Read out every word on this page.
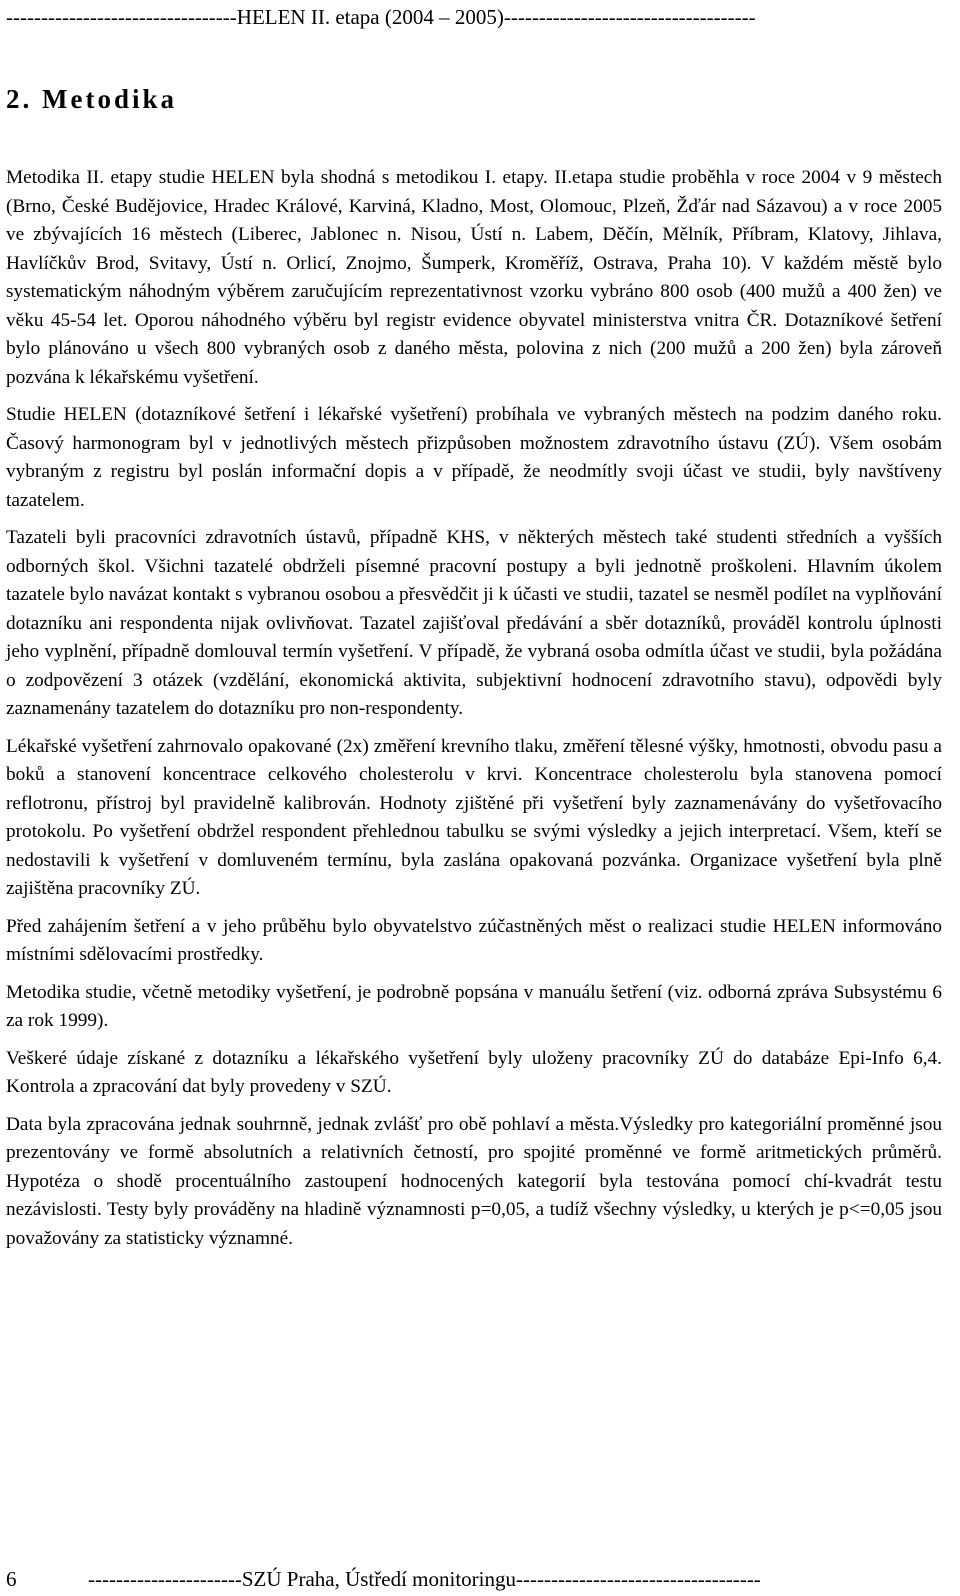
---------------------------------HELEN II. etapa (2004 – 2005)------------------------------------
2. Metodika

Metodika II. etapy studie HELEN byla shodná s metodikou I. etapy. II.etapa studie proběhla v roce 2004 v 9 městech (Brno, České Budějovice, Hradec Králové, Karviná, Kladno, Most, Olomouc, Plzeň, Žďár nad Sázavou) a v roce 2005 ve zbývajících 16 městech (Liberec, Jablonec n. Nisou, Ústí n. Labem, Děčín, Mělník, Příbram, Klatovy, Jihlava, Havlíčkův Brod, Svitavy, Ústí n. Orlicí, Znojmo, Šumperk, Kroměříž, Ostrava, Praha 10). V každém městě bylo systematickým náhodným výběrem zaručujícím reprezentativnost vzorku vybráno 800 osob (400 mužů a 400 žen) ve věku 45-54 let. Oporou náhodného výběru byl registr evidence obyvatel ministerstva vnitra ČR. Dotazníkové šetření bylo plánováno u všech 800 vybraných osob z daného města, polovina z nich (200 mužů a 200 žen) byla zároveň pozvána k lékařskému vyšetření.

Studie HELEN (dotazníkové šetření i lékařské vyšetření) probíhala ve vybraných městech na podzim daného roku. Časový harmonogram byl v jednotlivých městech přizpůsoben možnostem zdravotního ústavu (ZÚ). Všem osobám vybraným z registru byl poslán informační dopis a v případě, že neodmítly svoji účast ve studii, byly navštíveny tazatelem.

Tazateli byli pracovníci zdravotních ústavů, případně KHS, v některých městech také studenti středních a vyšších odborných škol. Všichni tazatelé obdrželi písemné pracovní postupy a byli jednotně proškoleni. Hlavním úkolem tazatele bylo navázat kontakt s vybranou osobou a přesvědčit ji k účasti ve studii, tazatel se nesměl podílet na vyplňování dotazníku ani respondenta nijak ovlivňovat. Tazatel zajišťoval předávání a sběr dotazníků, prováděl kontrolu úplnosti jeho vyplnění, případně domlouval termín vyšetření. V případě, že vybraná osoba odmítla účast ve studii, byla požádána o zodpovězení 3 otázek (vzdělání, ekonomická aktivita, subjektivní hodnocení zdravotního stavu), odpovědi byly zaznamenány tazatelem do dotazníku pro non-respondenty.

Lékařské vyšetření zahrnovalo opakované (2x) změření krevního tlaku, změření tělesné výšky, hmotnosti, obvodu pasu a boků a stanovení koncentrace celkového cholesterolu v krvi. Koncentrace cholesterolu byla stanovena pomocí reflotronu, přístroj byl pravidelně kalibrován. Hodnoty zjištěné při vyšetření byly zaznamenávány do vyšetřovacího protokolu. Po vyšetření obdržel respondent přehlednou tabulku se svými výsledky a jejich interpretací. Všem, kteří se nedostavili k vyšetření v domluveném termínu, byla zaslána opakovaná pozvánka. Organizace vyšetření byla plně zajištěna pracovníky ZÚ.

Před zahájením šetření a v jeho průběhu bylo obyvatelstvo zúčastněných měst o realizaci studie HELEN informováno místními sdělovacími prostředky.

Metodika studie, včetně metodiky vyšetření, je podrobně popsána v manuálu šetření (viz. odborná zpráva Subsystému 6 za rok 1999).

Veškeré údaje získané z dotazníku a lékařského vyšetření byly uloženy pracovníky ZÚ do databáze Epi-Info 6,4. Kontrola a zpracování dat byly provedeny v SZÚ.

Data byla zpracována jednak souhrnně, jednak zvlášť pro obě pohlaví a města.Výsledky pro kategoriální proměnné jsou prezentovány ve formě absolutních a relativních četností, pro spojité proměnné ve formě aritmetických průměrů. Hypotéza o shodě procentuálního zastoupení hodnocených kategorií byla testována pomocí chí-kvadrát testu nezávislosti. Testy byly prováděny na hladině významnosti p=0,05, a tudíž všechny výsledky, u kterých je p<=0,05 jsou považovány za statisticky významné.

6	----------------------SZÚ Praha, Ústředí monitoringu-----------------------------------
